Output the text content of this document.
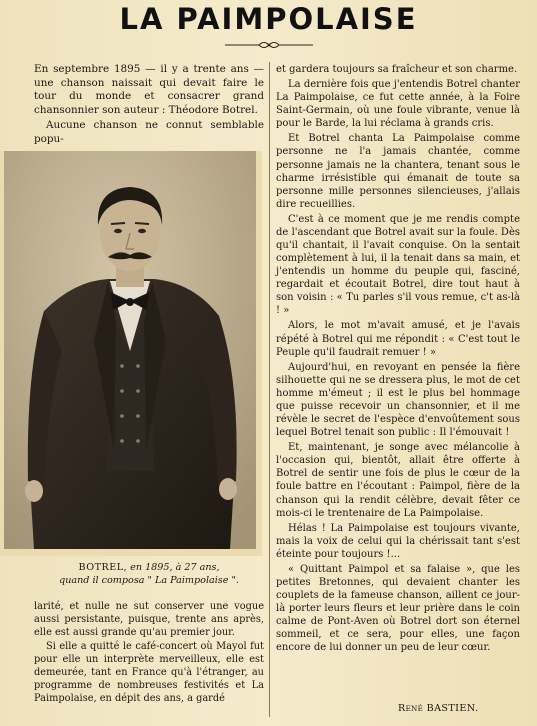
LA PAIMPOLAISE

En septembre 1895 — il y a trente ans — une chanson naissait qui devait faire le tour du monde et consacrer grand chansonnier son auteur : Théodore Botrel.

Aucune chanson ne connut semblable popu-

BOTREL, en 1895, à 27 ans,
quand il composa " La Paimpolaise ".

larité, et nulle ne sut conserver une vogue aussi persistante, puisque, trente ans après, elle est aussi grande qu'au premier jour.

Si elle a quitté le café-concert où Mayol fut pour elle un interprète merveilleux, elle est demeurée, tant en France qu'à l'étranger, au programme de nombreuses festivités et La Paimpolaise, en dépit des ans, a gardé

et gardera toujours sa fraîcheur et son charme.

La dernière fois que j'entendis Botrel chanter La Paimpolaise, ce fut cette année, à la Foire Saint-Germain, où une foule vibrante, venue là pour le Barde, la lui réclama à grands cris.

Et Botrel chanta La Paimpolaise comme personne ne l'a jamais chantée, comme personne jamais ne la chantera, tenant sous le charme irrésistible qui émanait de toute sa personne mille personnes silencieuses, j'allais dire recueillies.

C'est à ce moment que je me rendis compte de l'ascendant que Botrel avait sur la foule. Dès qu'il chantait, il l'avait conquise. On la sentait complètement à lui, il la tenait dans sa main, et j'entendis un homme du peuple qui, fasciné, regardait et écoutait Botrel, dire tout haut à son voisin : « Tu parles s'il vous remue, c't as-là ! »

Alors, le mot m'avait amusé, et je l'avais répété à Botrel qui me répondit : « C'est tout le Peuple qu'il faudrait remuer ! »

Aujourd'hui, en revoyant en pensée la fière silhouette qui ne se dressera plus, le mot de cet homme m'émeut ; il est le plus bel hommage que puisse recevoir un chansonnier, et il me révèle le secret de l'espèce d'envoûtement sous lequel Botrel tenait son public : Il l'émouvait !

Et, maintenant, je songe avec mélancolie à l'occasion qui, bientôt, allait être offerte à Botrel de sentir une fois de plus le cœur de la foule battre en l'écoutant : Paimpol, fière de la chanson qui la rendit célèbre, devait fêter ce mois-ci le trentenaire de La Paimpolaise.

Hélas ! La Paimpolaise est toujours vivante, mais la voix de celui qui la chérissait tant s'est éteinte pour toujours !...

« Quittant Paimpol et sa falaise », que les petites Bretonnes, qui devaient chanter les couplets de la fameuse chanson, aillent ce jour-là porter leurs fleurs et leur prière dans le coin calme de Pont-Aven où Botrel dort son éternel sommeil, et ce sera, pour elles, une façon encore de lui donner un peu de leur cœur.

René BASTIEN.
